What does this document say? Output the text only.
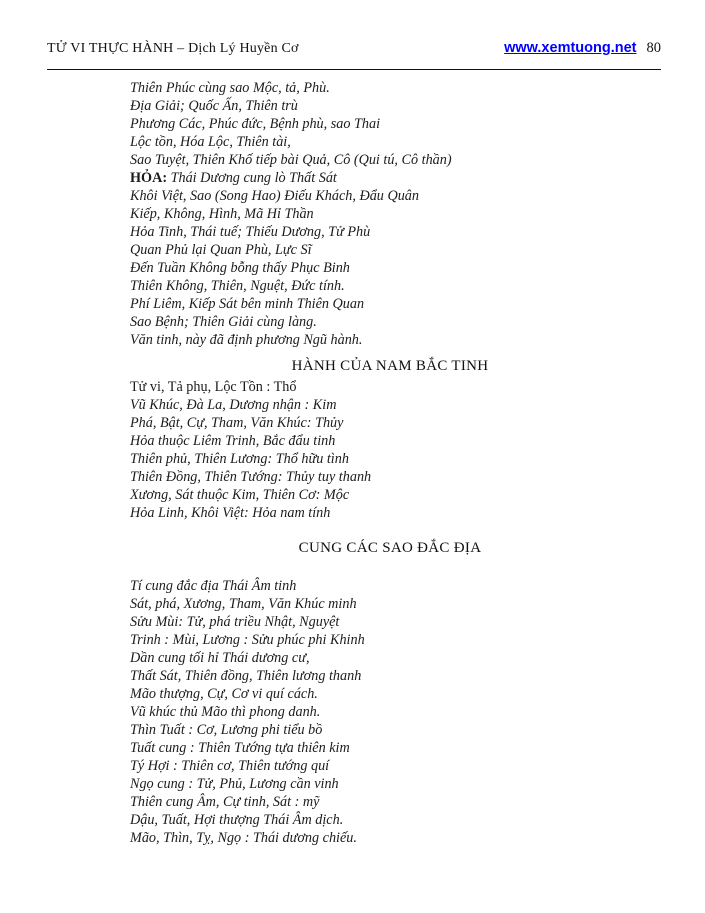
TỬ VI THỰC HÀNH – Dịch Lý Huyền Cơ	www.xemtuong.net 80

Thiên Phúc cùng sao Mộc, tả, Phù.

Địa Giải; Quốc Ấn, Thiên trù

Phương Các, Phúc đức, Bệnh phù, sao Thai

Lộc tồn, Hóa Lộc, Thiên tài,

Sao Tuyệt, Thiên Khố tiếp bài Quả, Cô (Qui tú, Cô thần)

HỎA: Thái Dương cung lò Thất Sát

Khôi Việt, Sao (Song Hao) Điếu Khách, Đẩu Quân

Kiếp, Không, Hình, Mã Hỉ Thần

Hỏa Tinh, Thái tuế; Thiếu Dương, Tử Phù

Quan Phủ lại Quan Phù, Lực Sĩ

Đến Tuần Không bỗng thấy Phục Binh

Thiên Không, Thiên, Nguệt, Đức tính.

Phí Liêm, Kiếp Sát bên minh Thiên Quan

Sao Bệnh; Thiên Giải cùng làng.

Văn tinh, này đã định phương Ngũ hành.

HÀNH CỦA NAM BẮC TINH

Tử vi, Tả phụ, Lộc Tồn : Thổ

Vũ Khúc, Đà La, Dương nhận : Kim

Phá, Bật, Cự, Tham, Văn Khúc: Thủy

Hỏa thuộc Liêm Trinh, Bắc đẩu tinh

Thiên phủ, Thiên Lương: Thổ hữu tình

Thiên Đồng, Thiên Tướng: Thủy tuy thanh

Xương, Sát thuộc Kim, Thiên Cơ: Mộc

Hỏa Linh, Khôi Việt: Hỏa nam tính

CUNG CÁC SAO ĐẮC ĐỊA

Tí cung đắc địa Thái Âm tinh

Sát, phá, Xương, Tham, Văn Khúc minh

Sửu Mùi: Tử, phá triều Nhật, Nguyệt

Trinh : Mùi, Lương : Sửu phúc phi Khinh

Dần cung tối hỉ Thái dương cư,

Thất Sát, Thiên đồng, Thiên lương thanh

Mão thượng, Cự, Cơ vi quí cách.

Vũ khúc thủ Mão thì phong danh.

Thìn Tuất : Cơ, Lương phi tiểu bồ

Tuất cung : Thiên Tướng tựa thiên kim

Tý Hợi : Thiên cơ, Thiên tướng quí

Ngọ cung : Tử, Phủ, Lương cần vinh

Thiên cung Âm, Cự tinh, Sát : mỹ

Dậu, Tuất, Hợi thượng Thái Âm dịch.

Mão, Thìn, Tỵ, Ngọ : Thái dương chiếu.
